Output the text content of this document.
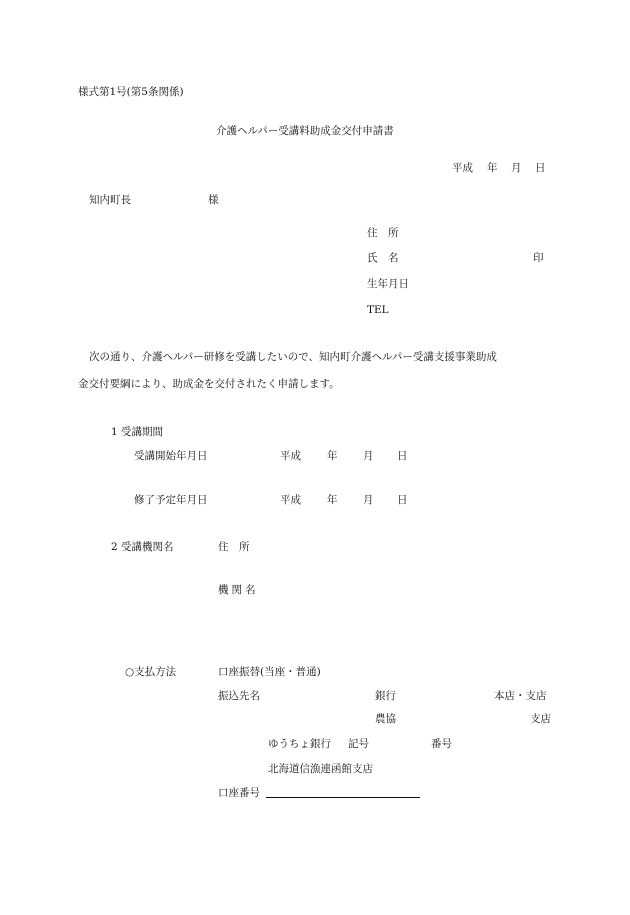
様式第1号(第5条関係)
介護ヘルパー受講料助成金交付申請書
平成 年 月 日
知内町長	様
住　所
氏　名	印
生年月日
TEL
次の通り、介護ヘルパー研修を受講したいので、知内町介護ヘルパー受講支援事業助成
金交付要綱により、助成金を交付されたく申請します。
1 受講期間
受講開始年月日	平成 年 月 日
修了予定年月日	平成 年 月 日
2 受講機関名	住　所
機関名
○支払方法	口座振替(当座・普通)
振込先名	銀行	本店・支店
農協	支店
ゆうちょ銀行 記号	番号
北海道信漁連函館支店
口座番号
